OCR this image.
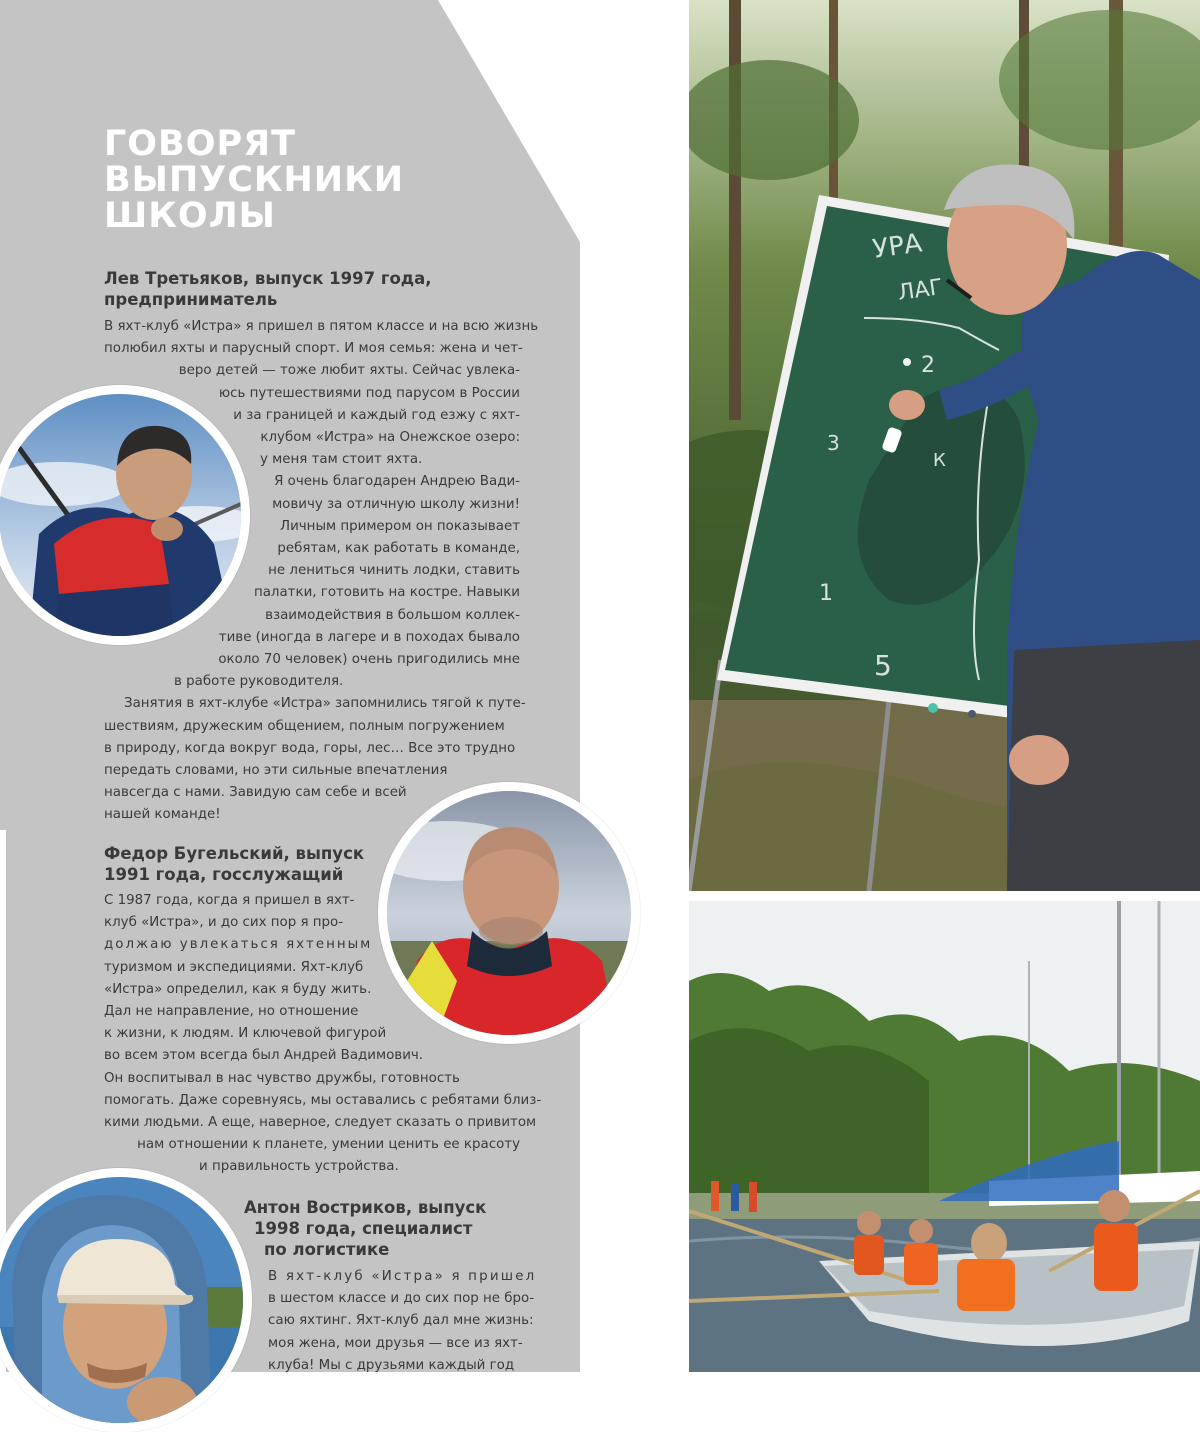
ГОВОРЯТ
ВЫПУСКНИКИ
ШКОЛЫ
Лев Третьяков, выпуск 1997 года,
предприниматель
В яхт-клуб «Истра» я пришел в пятом классе и на всю жизнь
полюбил яхты и парусный спорт. И моя семья: жена и чет-
веро детей — тоже любит яхты. Сейчас увлека-
юсь путешествиями под парусом в России
и за границей и каждый год езжу с яхт-
клубом «Истра» на Онежское озеро:
у меня там стоит яхта.
Я очень благодарен Андрею Вади-
мовичу за отличную школу жизни!
Личным примером он показывает
ребятам, как работать в команде,
не лениться чинить лодки, ставить
палатки, готовить на костре. Навыки
взаимодействия в большом коллек-
тиве (иногда в лагере и в походах бывало
около 70 человек) очень пригодились мне
в работе руководителя.
Занятия в яхт-клубе «Истра» запомнились тягой к путе-
шествиям, дружеским общением, полным погружением
в природу, когда вокруг вода, горы, лес… Все это трудно
передать словами, но эти сильные впечатления
навсегда с нами. Завидую сам себе и всей
нашей команде!
Федор Бугельский, выпуск
1991 года, госслужащий
С 1987 года, когда я пришел в яхт-
клуб «Истра», и до сих пор я про-
должаю увлекаться яхтенным
туризмом и экспедициями. Яхт-клуб
«Истра» определил, как я буду жить.
Дал не направление, но отношение
к жизни, к людям. И ключевой фигурой
во всем этом всегда был Андрей Вадимович.
Он воспитывал в нас чувство дружбы, готовность
помогать. Даже соревнуясь, мы оставались с ребятами близ-
кими людьми. А еще, наверное, следует сказать о привитом
нам отношении к планете, умении ценить ее красоту
и правильность устройства.
Антон Востриков, выпуск
1998 года, специалист
по логистике
В яхт-клуб «Истра» я пришел
в шестом классе и до сих пор не бро-
саю яхтинг. Яхт-клуб дал мне жизнь:
моя жена, мои друзья — все из яхт-
клуба! Мы с друзьями каждый год
УРА
ЛАГ
2
3
К
1
5
